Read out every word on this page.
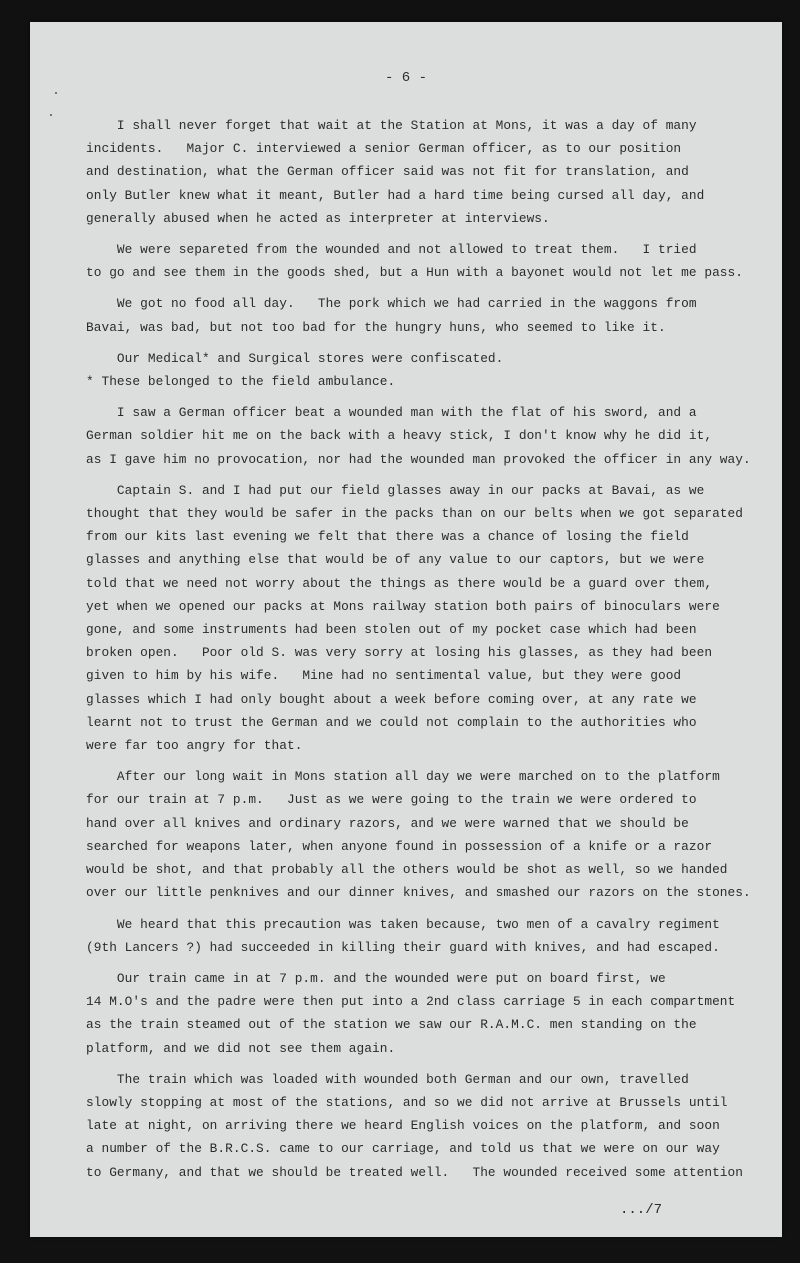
- 6 -
I shall never forget that wait at the Station at Mons, it was a day of many
incidents.   Major C. interviewed a senior German officer, as to our position
and destination, what the German officer said was not fit for translation, and
only Butler knew what it meant, Butler had a hard time being cursed all day, and
generally abused when he acted as interpreter at interviews.
We were separeted from the wounded and not allowed to treat them.   I tried
to go and see them in the goods shed, but a Hun with a bayonet would not let me pass.
We got no food all day.   The pork which we had carried in the waggons from
Bavai, was bad, but not too bad for the hungry huns, who seemed to like it.
Our Medical* and Surgical stores were confiscated.
* These belonged to the field ambulance.
I saw a German officer beat a wounded man with the flat of his sword, and a
German soldier hit me on the back with a heavy stick, I don't know why he did it,
as I gave him no provocation, nor had the wounded man provoked the officer in any way.
Captain S. and I had put our field glasses away in our packs at Bavai, as we
thought that they would be safer in the packs than on our belts when we got separated
from our kits last evening we felt that there was a chance of losing the field
glasses and anything else that would be of any value to our captors, but we were
told that we need not worry about the things as there would be a guard over them,
yet when we opened our packs at Mons railway station both pairs of binoculars were
gone, and some instruments had been stolen out of my pocket case which had been
broken open.   Poor old S. was very sorry at losing his glasses, as they had been
given to him by his wife.   Mine had no sentimental value, but they were good
glasses which I had only bought about a week before coming over, at any rate we
learnt not to trust the German and we could not complain to the authorities who
were far too angry for that.
After our long wait in Mons station all day we were marched on to the platform
for our train at 7 p.m.   Just as we were going to the train we were ordered to
hand over all knives and ordinary razors, and we were warned that we should be
searched for weapons later, when anyone found in possession of a knife or a razor
would be shot, and that probably all the others would be shot as well, so we handed
over our little penknives and our dinner knives, and smashed our razors on the stones.
We heard that this precaution was taken because, two men of a cavalry regiment
(9th Lancers ?) had succeeded in killing their guard with knives, and had escaped.
Our train came in at 7 p.m. and the wounded were put on board first, we
14 M.O's and the padre were then put into a 2nd class carriage 5 in each compartment
as the train steamed out of the station we saw our R.A.M.C. men standing on the
platform, and we did not see them again.
The train which was loaded with wounded both German and our own, travelled
slowly stopping at most of the stations, and so we did not arrive at Brussels until
late at night, on arriving there we heard English voices on the platform, and soon
a number of the B.R.C.S. came to our carriage, and told us that we were on our way
to Germany, and that we should be treated well.   The wounded received some attention
.../7
